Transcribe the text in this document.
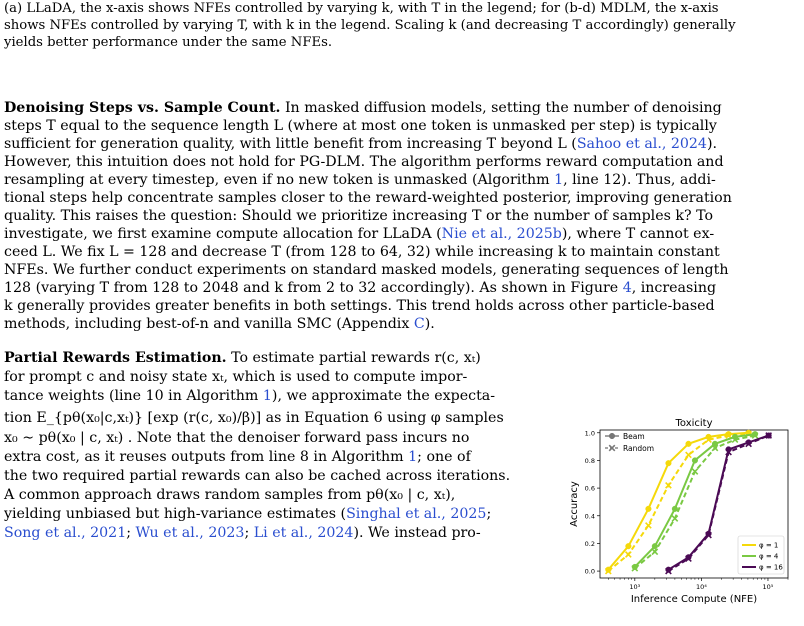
(a) LLaDA, the x-axis shows NFEs controlled by varying k, with T in the legend; for (b-d) MDLM, the x-axis
shows NFEs controlled by varying T, with k in the legend. Scaling k (and decreasing T accordingly) generally
yields better performance under the same NFEs.
Denoising Steps vs. Sample Count. In masked diffusion models, setting the number of denoising
steps T equal to the sequence length L (where at most one token is unmasked per step) is typically
sufficient for generation quality, with little benefit from increasing T beyond L (Sahoo et al., 2024).
However, this intuition does not hold for PG-DLM. The algorithm performs reward computation and
resampling at every timestep, even if no new token is unmasked (Algorithm 1, line 12). Thus, addi-
tional steps help concentrate samples closer to the reward-weighted posterior, improving generation
quality. This raises the question: Should we prioritize increasing T or the number of samples k? To
investigate, we first examine compute allocation for LLaDA (Nie et al., 2025b), where T cannot ex-
ceed L. We fix L = 128 and decrease T (from 128 to 64, 32) while increasing k to maintain constant
NFEs. We further conduct experiments on standard masked models, generating sequences of length
128 (varying T from 128 to 2048 and k from 2 to 32 accordingly). As shown in Figure 4, increasing
k generally provides greater benefits in both settings. This trend holds across other particle-based
methods, including best-of-n and vanilla SMC (Appendix C).
Partial Rewards Estimation. To estimate partial rewards r(c, xₜ)
for prompt c and noisy state xₜ, which is used to compute impor-
tance weights (line 10 in Algorithm 1), we approximate the expecta-
tion E_{pθ(x₀|c,xₜ)} [exp (r(c, x₀)/β)] as in Equation 6 using φ samples
x₀ ∼ pθ(x₀ | c, xₜ) . Note that the denoiser forward pass incurs no
extra cost, as it reuses outputs from line 8 in Algorithm 1; one of
the two required partial rewards can also be cached across iterations.
A common approach draws random samples from pθ(x₀ | c, xₜ),
yielding unbiased but high-variance estimates (Singhal et al., 2025;
Song et al., 2021; Wu et al., 2023; Li et al., 2024). We instead pro-
Toxicity
0.0
0.2
0.4
0.6
0.8
1.0
10³	10⁴	10⁵
Inference Compute (NFE)
Accuracy
Beam
Random
φ = 1
φ = 4
φ = 16
